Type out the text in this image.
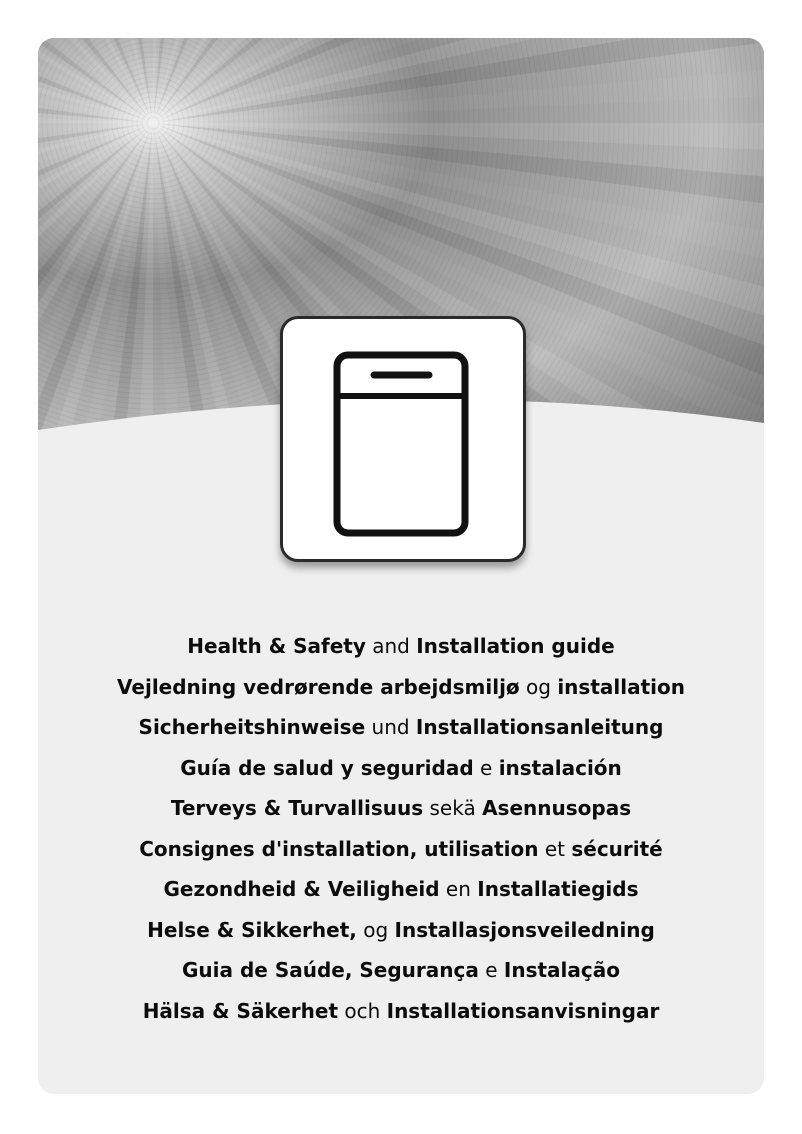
Health & Safety and Installation guide
Vejledning vedrørende arbejdsmiljø og installation
Sicherheitshinweise und Installationsanleitung
Guía de salud y seguridad e instalación
Terveys & Turvallisuus sekä Asennusopas
Consignes d'installation, utilisation et sécurité
Gezondheid & Veiligheid en Installatiegids
Helse & Sikkerhet, og Installasjonsveiledning
Guia de Saúde, Segurança e Instalação
Hälsa & Säkerhet och Installationsanvisningar
